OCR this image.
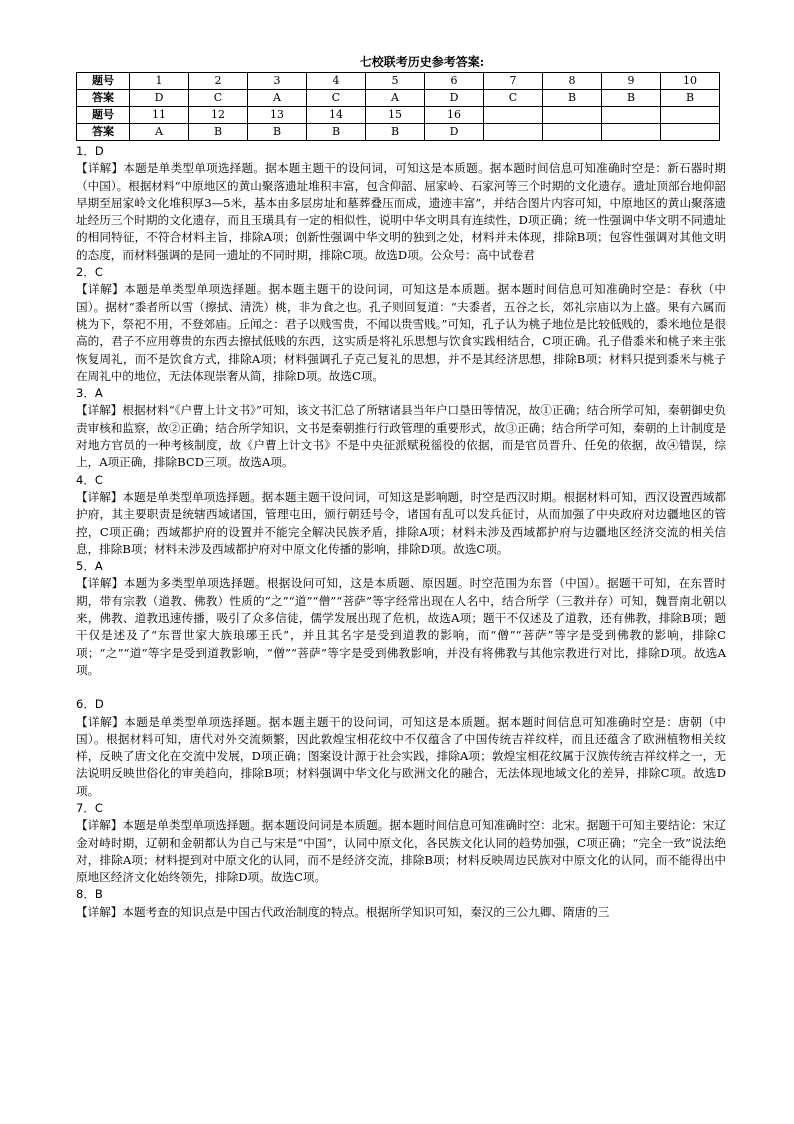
七校联考历史参考答案:
题号	1	2	3	4	5	6	7	8	9	10
答案	D	C	A	C	A	D	C	B	B	B
题号	11	12	13	14	15	16				
答案	A	B	B	B	B	D				
1．D
【详解】本题是单类型单项选择题。据本题主题干的设问词，可知这是本质题。据本题时间信息可知准确时空是：新石器时期（中国）。根据材料“中原地区的黄山聚落遗址堆积丰富，包含仰韶、屈家岭、石家河等三个时期的文化遗存。遗址顶部台地仰韶早期至屈家岭文化堆积厚3—5米，基本由多层房址和墓葬叠压而成，遗迹丰富”，并结合图片内容可知，中原地区的黄山聚落遗址经历三个时期的文化遗存，而且玉璜具有一定的相似性，说明中华文明具有连续性，D项正确；统一性强调中华文明不同遗址的相同特征，不符合材料主旨，排除A项；创新性强调中华文明的独到之处，材料并未体现，排除B项；包容性强调对其他文明的态度，而材料强调的是同一遗址的不同时期，排除C项。故选D项。公众号：高中试卷君
2．C
【详解】本题是单类型单项选择题。据本题主题干的设问词，可知这是本质题。据本题时间信息可知准确时空是：春秋（中国）。据材“黍者所以雪（擦拭、清洗）桃，非为食之也。孔子则回复道：“夫黍者，五谷之长，郊礼宗庙以为上盛。果有六属而桃为下，祭祀不用，不登郊庙。丘闻之：君子以贱雪贵，不闻以贵雪贱。”可知，孔子认为桃子地位是比较低贱的，黍米地位是很高的，君子不应用尊贵的东西去擦拭低贱的东西，这实质是将礼乐思想与饮食实践相结合，C项正确。孔子借黍米和桃子来主张恢复周礼，而不是饮食方式，排除A项；材料强调孔子克己复礼的思想，并不是其经济思想，排除B项；材料只提到黍米与桃子在周礼中的地位，无法体现崇奢从简，排除D项。故选C项。
3．A
【详解】根据材料“《户曹上计文书》”可知，该文书汇总了所辖诸县当年户口垦田等情况，故①正确；结合所学可知，秦朝御史负责审核和监察，故②正确；结合所学知识，文书是秦朝推行行政管理的重要形式，故③正确；结合所学可知，秦朝的上计制度是对地方官员的一种考核制度，故《户曹上计文书》不是中央征派赋税徭役的依据，而是官员晋升、任免的依据，故④错误，综上，A项正确，排除BCD三项。故选A项。
4．C
【详解】本题是单类型单项选择题。据本题主题干设问词，可知这是影响题，时空是西汉时期。根据材料可知，西汉设置西域都护府，其主要职责是统辖西域诸国，管理屯田，颁行朝廷号令，诸国有乱可以发兵征讨，从而加强了中央政府对边疆地区的管控，C项正确；西域都护府的设置并不能完全解决民族矛盾，排除A项；材料未涉及西域都护府与边疆地区经济交流的相关信息，排除B项；材料未涉及西域都护府对中原文化传播的影响，排除D项。故选C项。
5．A
【详解】本题为多类型单项选择题。根据设问可知，这是本质题、原因题。时空范围为东晋（中国）。据题干可知，在东晋时期，带有宗教（道教、佛教）性质的“之”“道”“僧”“菩萨”等字经常出现在人名中，结合所学（三教并存）可知，魏晋南北朝以来，佛教、道教迅速传播，吸引了众多信徒，儒学发展出现了危机，故选A项；题干不仅述及了道教，还有佛教，排除B项；题干仅是述及了“东晋世家大族琅琊王氏”，并且其名字是受到道教的影响，而“僧”“菩萨”等字是受到佛教的影响，排除C项；“之”“道”等字是受到道教影响，“僧”“菩萨”等字是受到佛教影响，并没有将佛教与其他宗教进行对比，排除D项。故选A项。
6．D
【详解】本题是单类型单项选择题。据本题主题干的设问词，可知这是本质题。据本题时间信息可知准确时空是：唐朝（中国）。根据材料可知，唐代对外交流频繁，因此敦煌宝相花纹中不仅蕴含了中国传统吉祥纹样，而且还蕴含了欧洲植物相关纹样，反映了唐文化在交流中发展，D项正确；图案设计源于社会实践，排除A项；敦煌宝相花纹属于汉族传统吉祥纹样之一，无法说明反映世俗化的审美趋向，排除B项；材料强调中华文化与欧洲文化的融合，无法体现地域文化的差异，排除C项。故选D项。
7．C
【详解】本题是单类型单项选择题。据本题设问词是本质题。据本题时间信息可知准确时空：北宋。据题干可知主要结论：宋辽金对峙时期，辽朝和金朝都认为自己与宋是“中国”，认同中原文化，各民族文化认同的趋势加强，C项正确；“完全一致”说法绝对，排除A项；材料提到对中原文化的认同，而不是经济交流，排除B项；材料反映周边民族对中原文化的认同，而不能得出中原地区经济文化始终领先，排除D项。故选C项。
8．B
【详解】本题考查的知识点是中国古代政治制度的特点。根据所学知识可知，秦汉的三公九卿、隋唐的三
